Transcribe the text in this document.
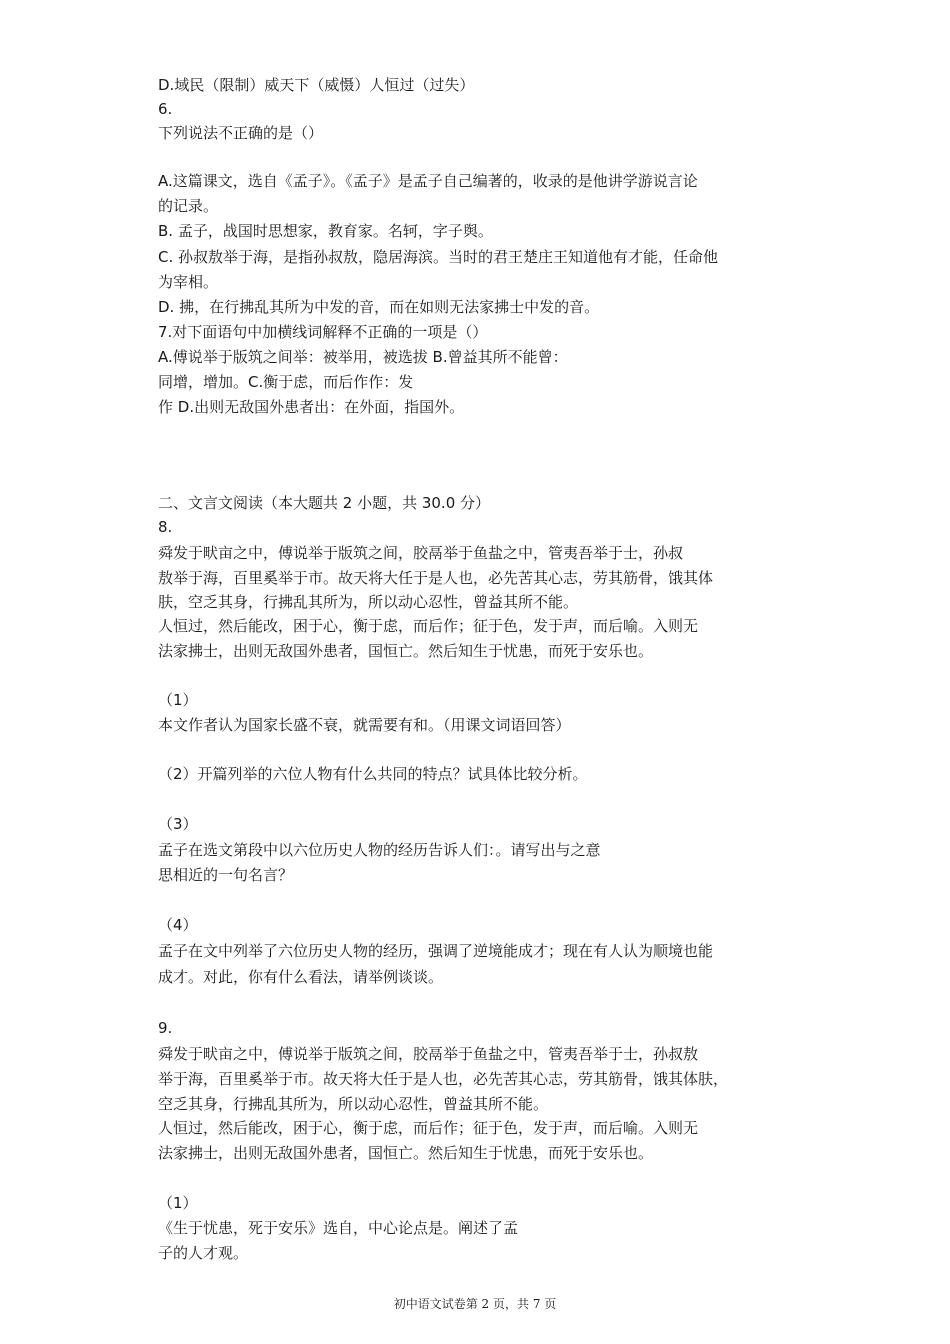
D.域民（限制）威天下（威慑）人恒过（过失）
6.
下列说法不正确的是（）
A.这篇课文，选自《孟子》。《孟子》是孟子自己编著的，收录的是他讲学游说言论
的记录。
B. 孟子，战国时思想家，教育家。名轲，字子舆。
C. 孙叔敖举于海，是指孙叔敖，隐居海滨。当时的君王楚庄王知道他有才能，任命他
为宰相。
D. 拂，在行拂乱其所为中发的音，而在如则无法家拂士中发的音。
7.对下面语句中加横线词解释不正确的一项是（）
A.傅说举于版筑之间举：被举用，被选拔 B.曾益其所不能曾：
同增，增加。C.衡于虑，而后作作：发
作 D.出则无敌国外患者出：在外面，指国外。
二、文言文阅读（本大题共 2 小题，共 30.0 分）
8.
舜发于畎亩之中，傅说举于版筑之间，胶鬲举于鱼盐之中，管夷吾举于士，孙叔
敖举于海，百里奚举于市。故天将大任于是人也，必先苦其心志，劳其筋骨，饿其体
肤，空乏其身，行拂乱其所为，所以动心忍性，曾益其所不能。
人恒过，然后能改，困于心，衡于虑，而后作；征于色，发于声，而后喻。入则无
法家拂士，出则无敌国外患者，国恒亡。然后知生于忧患，而死于安乐也。
（1）
本文作者认为国家长盛不衰，就需要有和。（用课文词语回答）
（2）开篇列举的六位人物有什么共同的特点？试具体比较分析。
（3）
孟子在选文第段中以六位历史人物的经历告诉人们：。请写出与之意
思相近的一句名言？
（4）
孟子在文中列举了六位历史人物的经历，强调了逆境能成才；现在有人认为顺境也能
成才。对此，你有什么看法，请举例谈谈。
9.
舜发于畎亩之中，傅说举于版筑之间，胶鬲举于鱼盐之中，管夷吾举于士，孙叔敖
举于海，百里奚举于市。故天将大任于是人也，必先苦其心志，劳其筋骨，饿其体肤，
空乏其身，行拂乱其所为，所以动心忍性，曾益其所不能。
人恒过，然后能改，困于心，衡于虑，而后作；征于色，发于声，而后喻。入则无
法家拂士，出则无敌国外患者，国恒亡。然后知生于忧患，而死于安乐也。
（1）
《生于忧患，死于安乐》选自，中心论点是。阐述了孟
子的人才观。
初中语文试卷第 2 页，共 7 页
